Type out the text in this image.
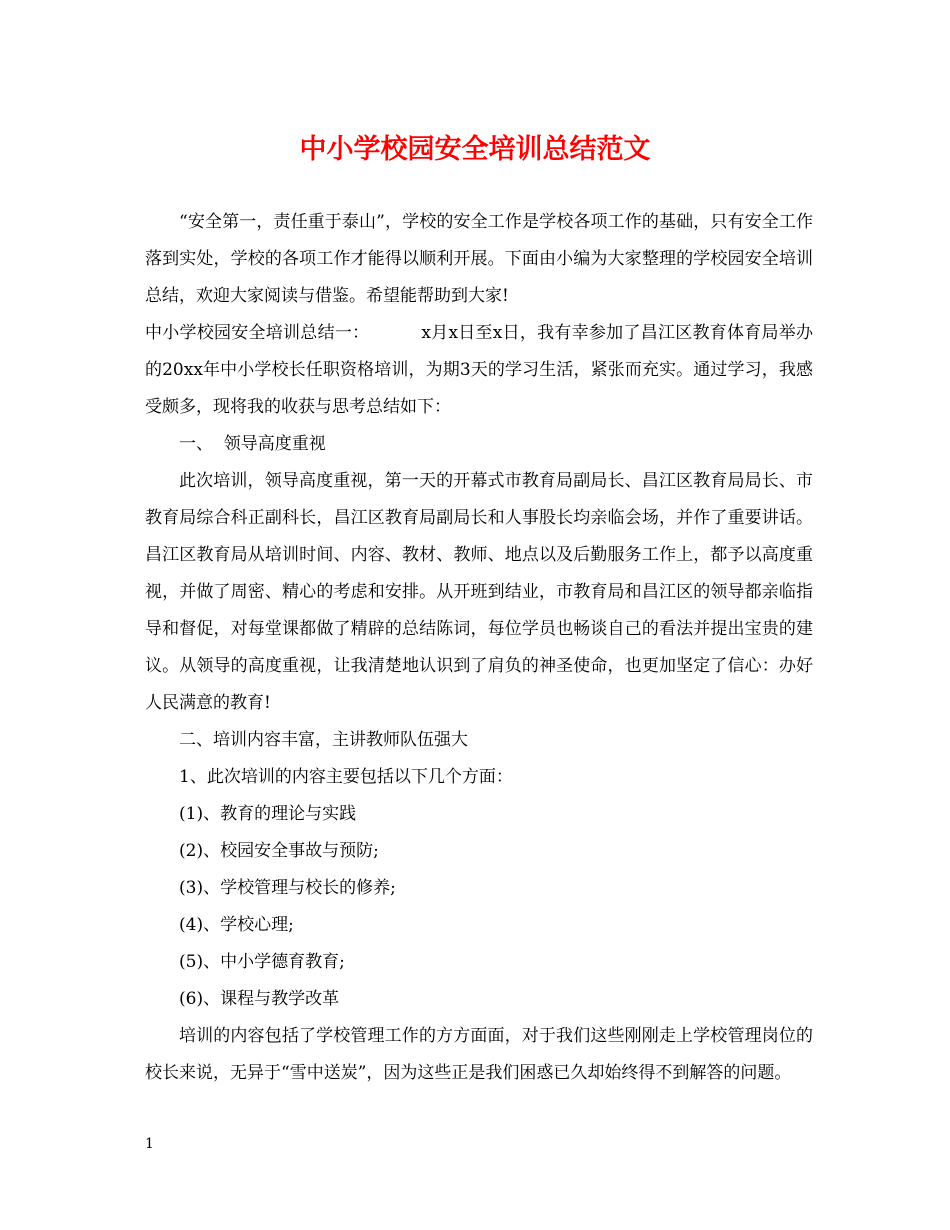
中小学校园安全培训总结范文

“安全第一，责任重于泰山”，学校的安全工作是学校各项工作的基础，只有安全工作落到实处，学校的各项工作才能得以顺利开展。下面由小编为大家整理的学校园安全培训总结，欢迎大家阅读与借鉴。希望能帮助到大家!

中小学校园安全培训总结一：	x月x日至x日，我有幸参加了昌江区教育体育局举办的20xx年中小学校长任职资格培训，为期3天的学习生活，紧张而充实。通过学习，我感受颇多，现将我的收获与思考总结如下：

一、  领导高度重视

此次培训，领导高度重视，第一天的开幕式市教育局副局长、昌江区教育局局长、市教育局综合科正副科长，昌江区教育局副局长和人事股长均亲临会场，并作了重要讲话。昌江区教育局从培训时间、内容、教材、教师、地点以及后勤服务工作上，都予以高度重视，并做了周密、精心的考虑和安排。从开班到结业，市教育局和昌江区的领导都亲临指导和督促，对每堂课都做了精辟的总结陈词，每位学员也畅谈自己的看法并提出宝贵的建议。从领导的高度重视，让我清楚地认识到了肩负的神圣使命，也更加坚定了信心：办好人民满意的教育!

二、培训内容丰富，主讲教师队伍强大

1、此次培训的内容主要包括以下几个方面：

(1)、教育的理论与实践

(2)、校园安全事故与预防;

(3)、学校管理与校长的修养;

(4)、学校心理;

(5)、中小学德育教育;

(6)、课程与教学改革

培训的内容包括了学校管理工作的方方面面，对于我们这些刚刚走上学校管理岗位的校长来说，无异于“雪中送炭”，因为这些正是我们困惑已久却始终得不到解答的问题。

1
